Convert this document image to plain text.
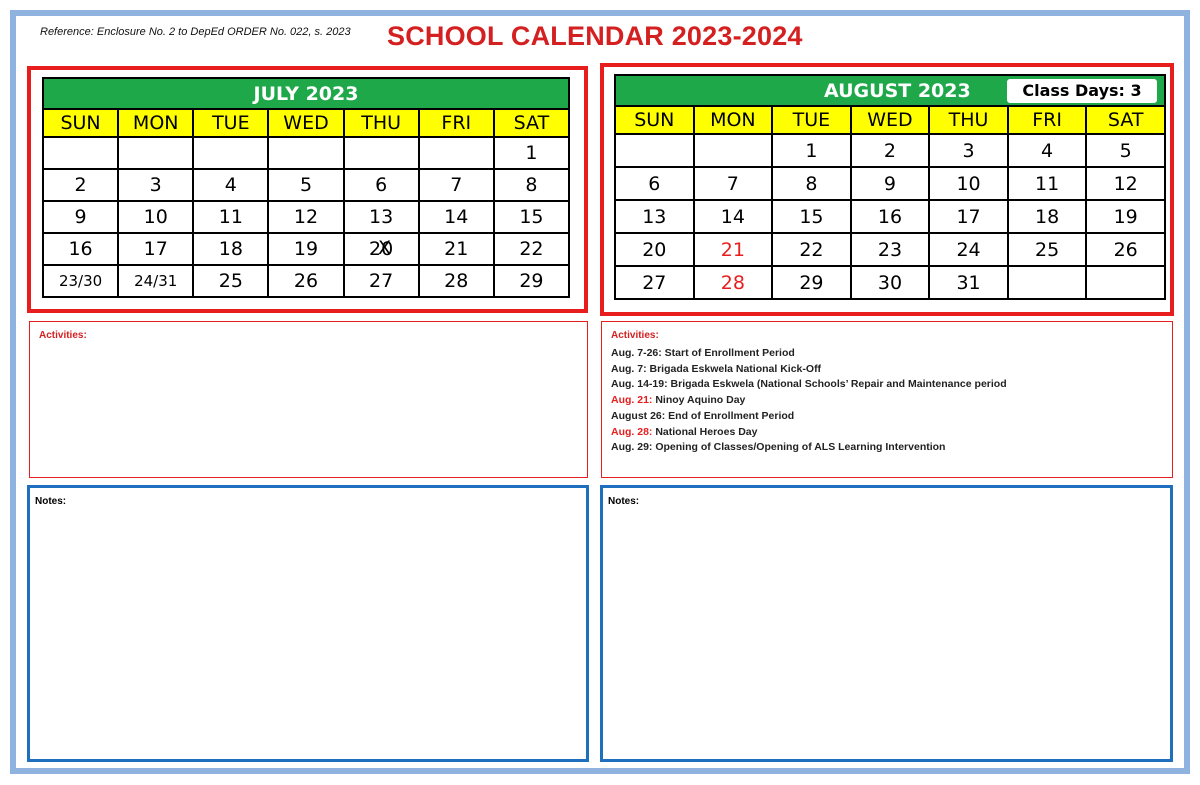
Reference: Enclosure No. 2 to DepEd ORDER No. 022, s. 2023 SCHOOL CALENDAR 2023-2024
JULY 2023						
SUN	MON	TUE	WED	THU	FRI	SAT
						1
2	3	4	5	6	7	8
9	10	11	12	13	14	15
16	17	18	19	20 X	21	22
23/30	24/31	25	26	27	28	29
AUGUST 2023						
SUN	MON	TUE	WED	THU	FRI	SAT
		1	2	3	4	5
6	7	8	9	10	11	12
13	14	15	16	17	18	19
20	21	22	23	24	25	26
27	28	29	30	31		
Class Days: 3
Activities:	Activities:
Aug. 7-26: Start of Enrollment Period
Aug. 7: Brigada Eskwela National Kick-Off
Aug. 14-19: Brigada Eskwela (National Schools’ Repair and Maintenance period
Aug. 21: Ninoy Aquino Day
August 26: End of Enrollment Period
Aug. 28: National Heroes Day
Aug. 29: Opening of Classes/Opening of ALS Learning Intervention
Notes:	Notes:
